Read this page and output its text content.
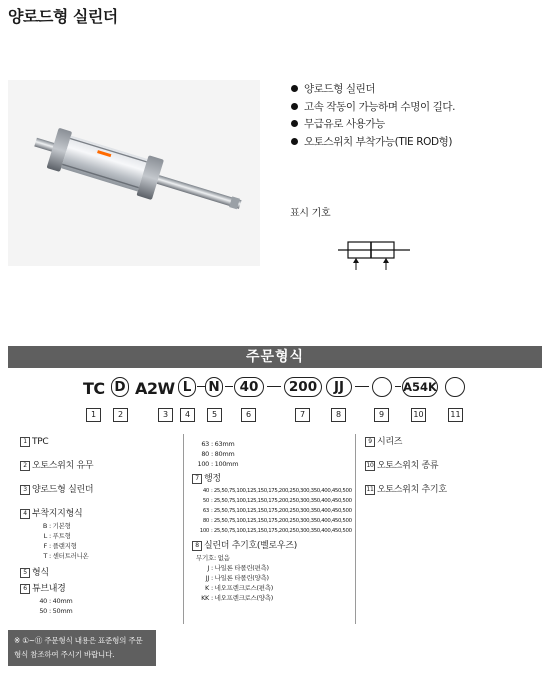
양로드형 실린더
양로드형 실린더
고속 작동이 가능하며 수명이 길다.
무급유로 사용가능
오토스위치 부착가능(TIE ROD형)
표시 기호
주문형식
TC D A2W L	N	40	200	JJ	A54K
1	2	3	4	5	6	7	8	9	10	11
1 TPC
2 오토스위치 유무
3 양로드형 실린더
4 부착지지형식
B : 기본형
L : 푸트형
F : 플랜지형
T : 센터트러니온
5 형식
6 튜브내경
40 : 40mm
50 : 50mm
63 : 63mm
80 : 80mm
100 : 100mm
7 행정
40 : 25,50,75,100,125,150,175,200,250,300,350,400,450,500
50 : 25,50,75,100,125,150,175,200,250,300,350,400,450,500
63 : 25,50,75,100,125,150,175,200,250,300,350,400,450,500
80 : 25,50,75,100,125,150,175,200,250,300,350,400,450,500
100 : 25,50,75,100,125,150,175,200,250,300,350,400,450,500
8 실린더 추기호(벨로우즈)
무기호: 없음
J : 나일론 타폴린(편측)
JJ : 나일론 타폴린(양측)
K : 네오프렌크로스(편측)
KK : 네오프렌크로스(양측)
9 시리즈
10 오토스위치 종류
11 오토스위치 추기호
※ ①~⑪ 주문형식 내용은 표준형의 주문
형식 참조하여 주시기 바랍니다.
